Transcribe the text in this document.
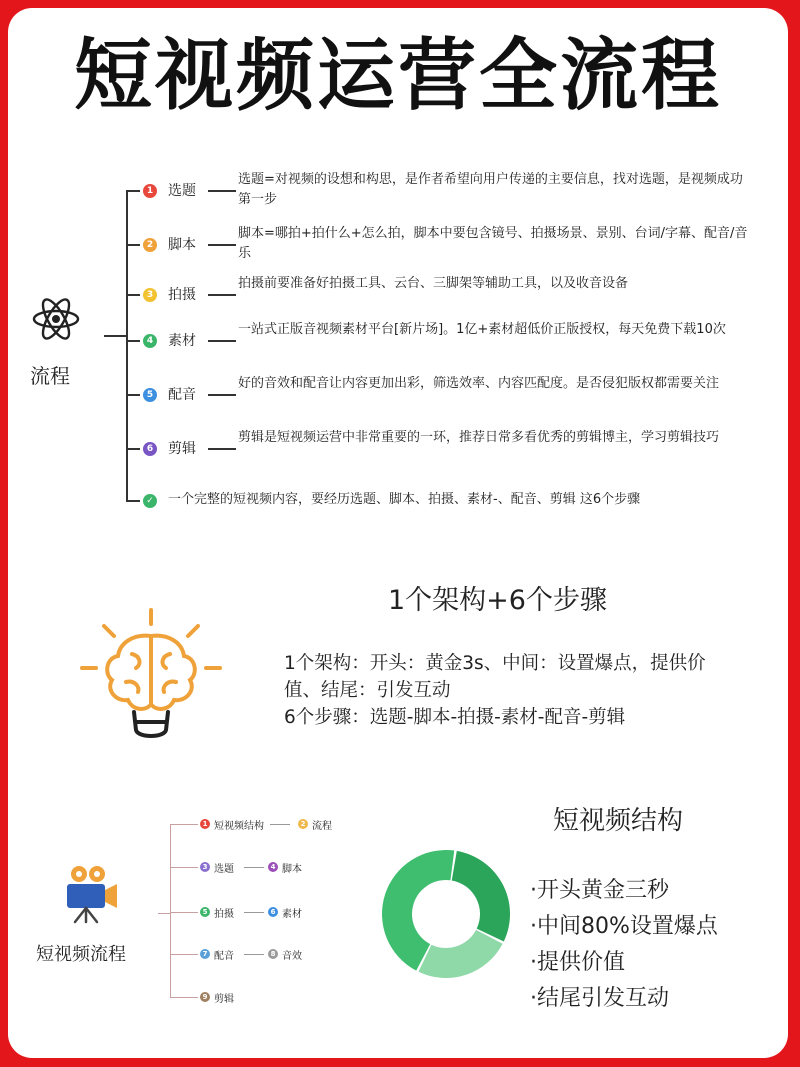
短视频运营全流程
流程
1 选题
选题=对视频的设想和构思，是作者希望向用户传递的主要信息，找对选题，是视频成功第一步
2 脚本
脚本=哪拍+拍什么+怎么拍，脚本中要包含镜号、拍摄场景、景别、台词/字幕、配音/音乐
3 拍摄
拍摄前要准备好拍摄工具、云台、三脚架等辅助工具，以及收音设备
4 素材
一站式正版音视频素材平台[新片场]。1亿+素材超低价正版授权，每天免费下载10次
5 配音
好的音效和配音让内容更加出彩，筛选效率、内容匹配度。是否侵犯版权都需要关注
6 剪辑
剪辑是短视频运营中非常重要的一环，推荐日常多看优秀的剪辑博主，学习剪辑技巧
✓ 一个完整的短视频内容，要经历选题、脚本、拍摄、素材-、配音、剪辑 这6个步骤
1个架构+6个步骤
1个架构：开头：黄金3s、中间：设置爆点，提供价
值、结尾：引发互动
6个步骤：选题-脚本-拍摄-素材-配音-剪辑
短视频流程
1 短视频结构	2 流程
3 选题	4 脚本
5 拍摄	6 素材
7 配音	8 音效
9 剪辑
短视频结构
·开头黄金三秒
·中间80%设置爆点
·提供价值
·结尾引发互动
